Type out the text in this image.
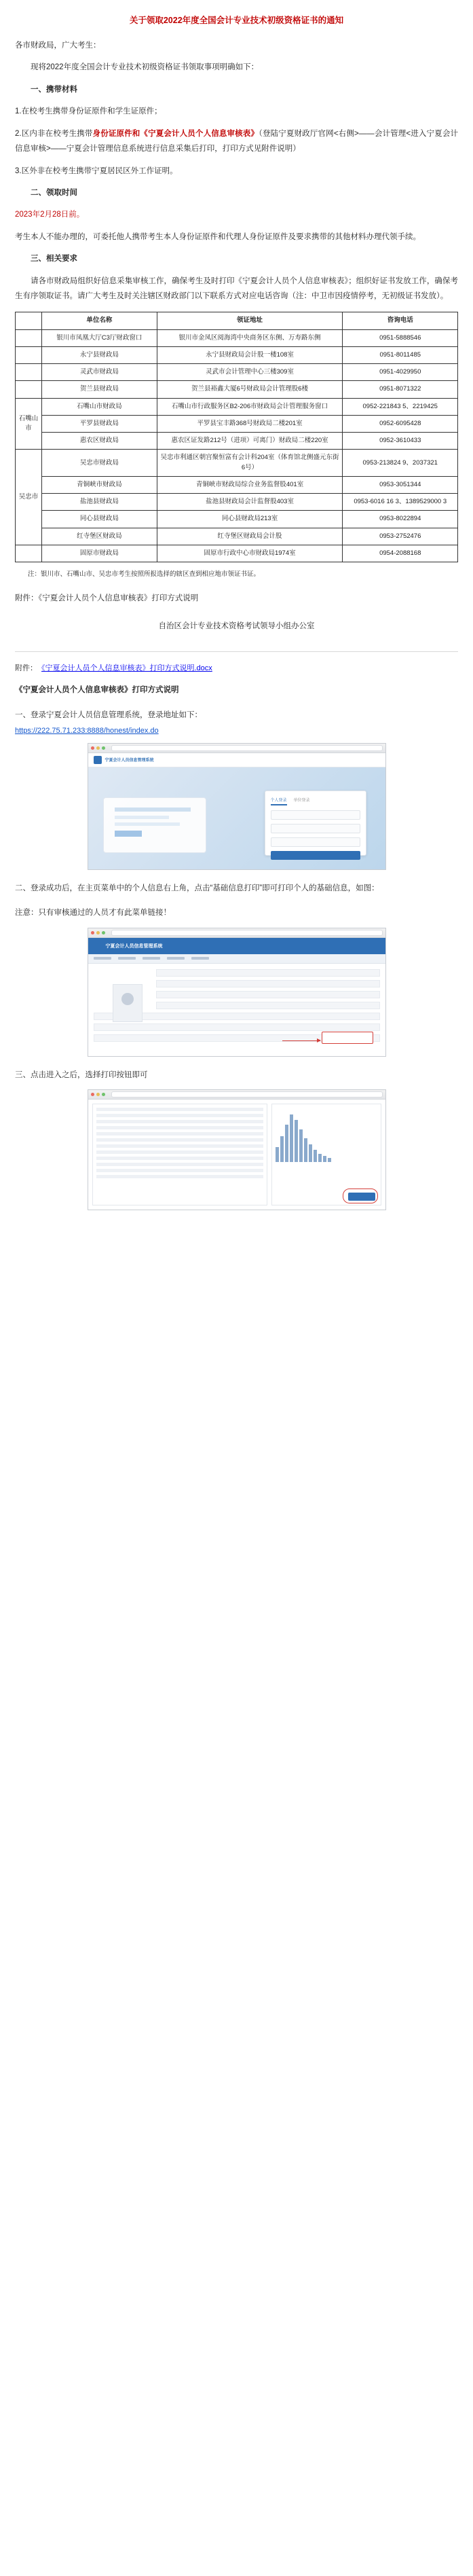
关于领取2022年度全国会计专业技术初级资格证书的通知

各市财政局，广大考生：

现将2022年度全国会计专业技术初级资格证书领取事项明确如下：

一、携带材料

1.在校考生携带身份证原件和学生证原件；

2.区内非在校考生携带身份证原件和《宁夏会计人员个人信息审核表》（登陆宁夏财政厅官网<右侧>——会计管理<进入宁夏会计信息审核>——宁夏会计管理信息系统进行信息采集后打印，打印方式见附件说明）

3.区外非在校考生携带宁夏居民区外工作证明。

二、领取时间

2023年2月28日前。

考生本人不能办理的，可委托他人携带考生本人身份证原件和代理人身份证原件及要求携带的其他材料办理代领手续。

三、相关要求

请各市财政局组织好信息采集审核工作，确保考生及时打印《宁夏会计人员个人信息审核表》；组织好证书发放工作，确保考生有序领取证书。请广大考生及时关注辖区财政部门以下联系方式对应电话咨询（注：中卫市因疫情停考，无初级证书发放）。

	单位名称	领证地址	咨询电话
	银川市凤凰大厅C3厅财政窗口	银川市金凤区阅海湾中央商务区东侧、万寿路东侧	0951-5888546
	永宁县财政局	永宁县财政局会计股一楼108室	0951-8011485
	灵武市财政局	灵武市会计管理中心三楼309室	0951-4029950
	贺兰县财政局	贺兰县裕鑫大厦6号财政局会计管理股6楼	0951-8071322
石嘴山市	石嘴山市财政局	石嘴山市行政服务区B2-206市财政局会计管理服务窗口	0952-221843 5、2219425
	平罗县财政局	平罗县宝丰路368号财政局二楼201室	0952-6095428
	惠农区财政局	惠农区证发路212号（进项）可离门）财政局二楼220室	0952-3610433
吴忠市	吴忠市财政局	吴忠市利通区朝宫聚恒富有会计科204室（体育馆北侧盛元东街6号）	0953-213824 9、2037321
	青铜峡市财政局	青铜峡市财政局综合业务监督股401室	0953-3051344
	盐池县财政局	盐池县财政局会计监督股403室	0953-6016 16 3、1389529000 3
	同心县财政局	同心县财政局213室	0953-8022894
	红寺堡区财政局	红寺堡区财政局会计股	0953-2752476
	固原市财政局	固原市行政中心市财政局1974室	0954-2088168

注：银川市、石嘴山市、吴忠市考生按照所报选择的辖区查到相应地市领证书证。

附件：《宁夏会计人员个人信息审核表》打印方式说明

自治区会计专业技术资格考试领导小组办公室

附件： 《宁夏会计人员个人信息审核表》打印方式说明.docx

《宁夏会计人员个人信息审核表》打印方式说明

一、登录宁夏会计人员信息管理系统，登录地址如下：

https://222.75.71.233:8888/honest/index.do
宁夏会计人员信息管理系统
个人登录 单位登录

二、登录成功后，在主页菜单中的个人信息右上角，点击“基础信息打印”即可打印个人的基础信息，如图：

注意：只有审核通过的人员才有此菜单链接！

宁夏会计人员信息管理系统

三、点击进入之后，选择打印按钮即可
